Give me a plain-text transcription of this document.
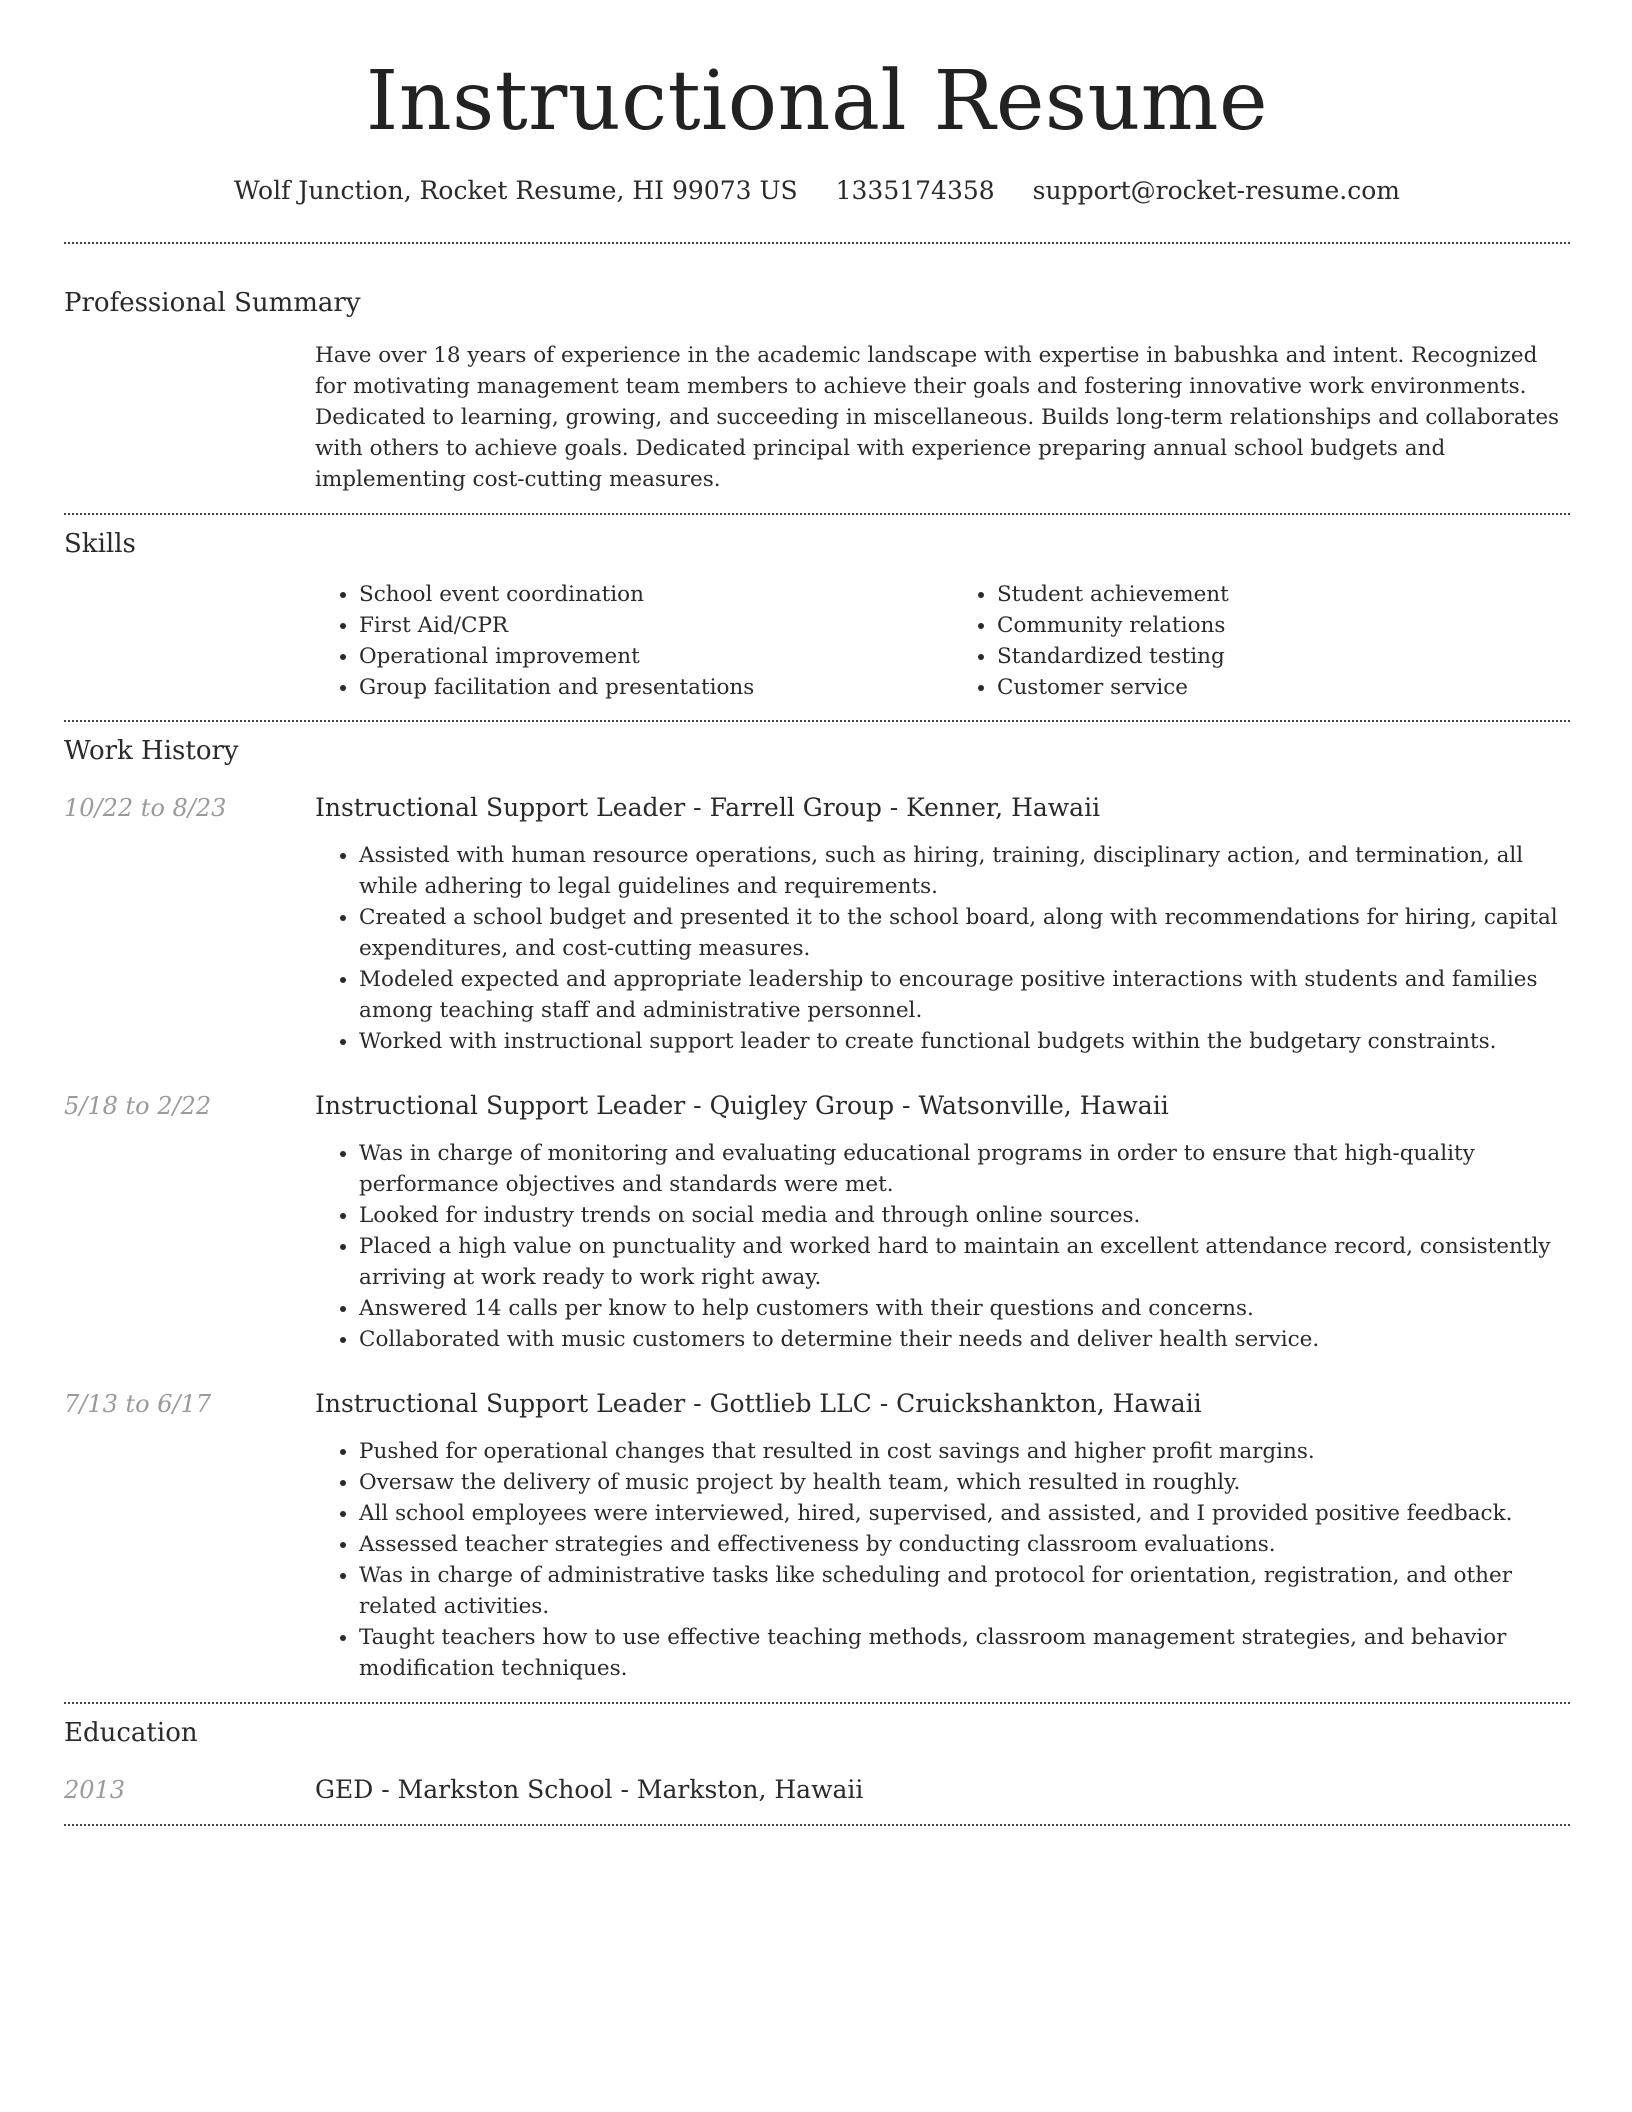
Instructional Resume
Wolf Junction, Rocket Resume, HI 99073 US 1335174358 support@rocket-resume.com
Professional Summary
Have over 18 years of experience in the academic landscape with expertise in babushka and intent. Recognized for motivating management team members to achieve their goals and fostering innovative work environments. Dedicated to learning, growing, and succeeding in miscellaneous. Builds long-term relationships and collaborates with others to achieve goals. Dedicated principal with experience preparing annual school budgets and implementing cost-cutting measures.
Skills
• School event coordination
• First Aid/CPR
• Operational improvement
• Group facilitation and presentations
• Student achievement
• Community relations
• Standardized testing
• Customer service
Work History
10/22 to 8/23	Instructional Support Leader - Farrell Group - Kenner, Hawaii
• Assisted with human resource operations, such as hiring, training, disciplinary action, and termination, all while adhering to legal guidelines and requirements.
• Created a school budget and presented it to the school board, along with recommendations for hiring, capital expenditures, and cost-cutting measures.
• Modeled expected and appropriate leadership to encourage positive interactions with students and families among teaching staff and administrative personnel.
• Worked with instructional support leader to create functional budgets within the budgetary constraints.
5/18 to 2/22	Instructional Support Leader - Quigley Group - Watsonville, Hawaii
• Was in charge of monitoring and evaluating educational programs in order to ensure that high-quality performance objectives and standards were met.
• Looked for industry trends on social media and through online sources.
• Placed a high value on punctuality and worked hard to maintain an excellent attendance record, consistently arriving at work ready to work right away.
• Answered 14 calls per know to help customers with their questions and concerns.
• Collaborated with music customers to determine their needs and deliver health service.
7/13 to 6/17	Instructional Support Leader - Gottlieb LLC - Cruickshankton, Hawaii
• Pushed for operational changes that resulted in cost savings and higher profit margins.
• Oversaw the delivery of music project by health team, which resulted in roughly.
• All school employees were interviewed, hired, supervised, and assisted, and I provided positive feedback.
• Assessed teacher strategies and effectiveness by conducting classroom evaluations.
• Was in charge of administrative tasks like scheduling and protocol for orientation, registration, and other related activities.
• Taught teachers how to use effective teaching methods, classroom management strategies, and behavior modification techniques.
Education
2013	GED - Markston School - Markston, Hawaii
